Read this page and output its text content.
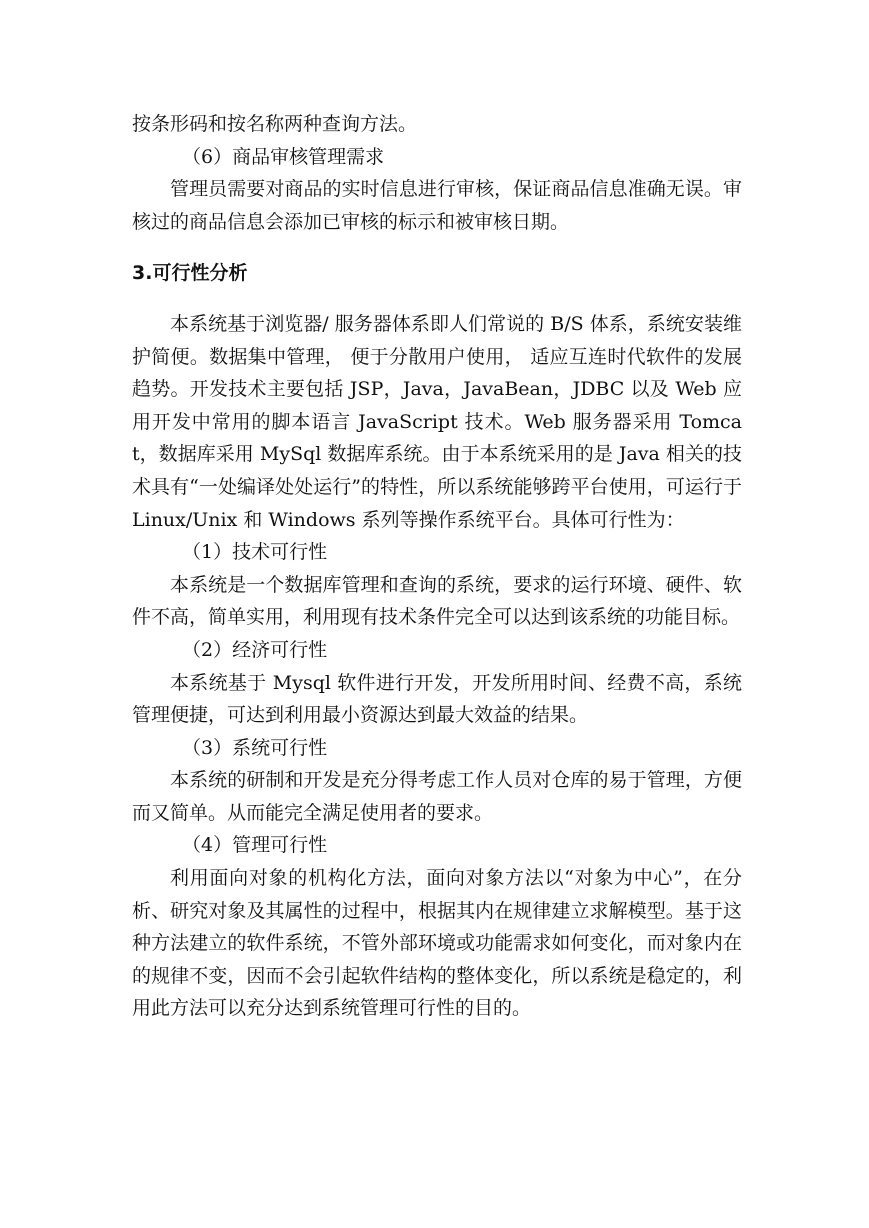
按条形码和按名称两种查询方法。

（6）商品审核管理需求

管理员需要对商品的实时信息进行审核，保证商品信息准确无误。审核过的商品信息会添加已审核的标示和被审核日期。

3.可行性分析

本系统基于浏览器/ 服务器体系即人们常说的 B/S 体系，系统安装维护简便。数据集中管理， 便于分散用户使用， 适应互连时代软件的发展趋势。开发技术主要包括 JSP，Java，JavaBean，JDBC 以及 Web 应用开发中常用的脚本语言 JavaScript 技术。Web 服务器采用 Tomcat，数据库采用 MySql 数据库系统。由于本系统采用的是 Java 相关的技术具有“一处编译处处运行”的特性，所以系统能够跨平台使用，可运行于 Linux/Unix 和 Windows 系列等操作系统平台。具体可行性为：

（1）技术可行性

本系统是一个数据库管理和查询的系统，要求的运行环境、硬件、软件不高，简单实用，利用现有技术条件完全可以达到该系统的功能目标。

（2）经济可行性

本系统基于 Mysql 软件进行开发，开发所用时间、经费不高，系统管理便捷，可达到利用最小资源达到最大效益的结果。

（3）系统可行性

本系统的研制和开发是充分得考虑工作人员对仓库的易于管理，方便而又简单。从而能完全满足使用者的要求。

（4）管理可行性

利用面向对象的机构化方法，面向对象方法以“对象为中心”，在分析、研究对象及其属性的过程中，根据其内在规律建立求解模型。基于这种方法建立的软件系统，不管外部环境或功能需求如何变化，而对象内在的规律不变，因而不会引起软件结构的整体变化，所以系统是稳定的，利用此方法可以充分达到系统管理可行性的目的。
